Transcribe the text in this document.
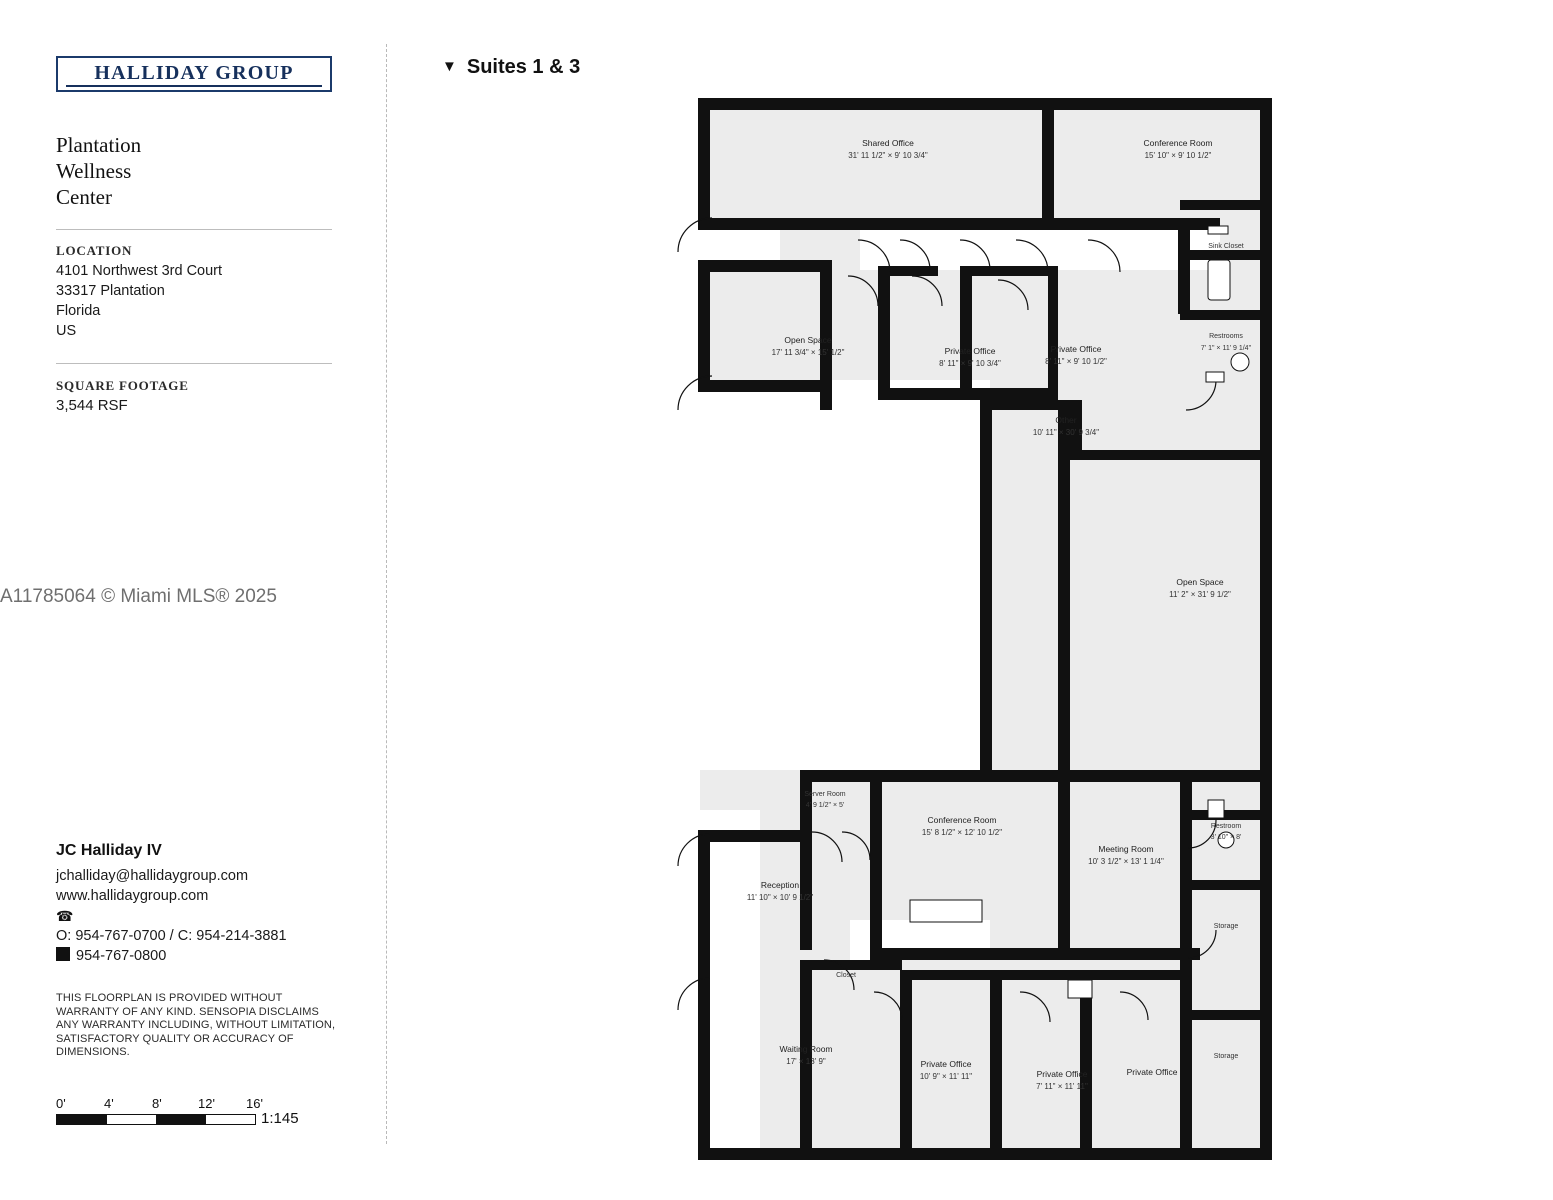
HALLIDAY GROUP
Plantation
Wellness
Center
LOCATION
4101 Northwest 3rd Court
33317 Plantation
Florida
US
SQUARE FOOTAGE
3,544 RSF
A11785064 © Miami MLS® 2025
JC Halliday IV
jchalliday@hallidaygroup.com
www.hallidaygroup.com
☎
O: 954-767-0700 / C: 954-214-3881
954-767-0800
THIS FLOORPLAN IS PROVIDED WITHOUT WARRANTY OF ANY KIND. SENSOPIA DISCLAIMS ANY WARRANTY INCLUDING, WITHOUT LIMITATION, SATISFACTORY QUALITY OR ACCURACY OF DIMENSIONS.
0'	4'	8'	12' 16'
1:145
▼ Suites 1 & 3
Shared Office
31' 11 1/2" × 9' 10 3/4"
Conference Room
15' 10" × 9' 10 1/2"
Sink Closet
Open Space
17' 11 3/4" × 15' 1/2"	Private Office
8' 11" × 9' 10 3/4"
Private Office
8' 11" × 9' 10 1/2"
Restrooms
7' 1" × 11' 9 1/4"
Other
10' 11" × 30' 9 3/4"
Open Space
11' 2" × 31' 9 1/2"
Server Room
4' 9 1/2" × 5'
Conference Room
15' 8 1/2" × 12' 10 1/2"
Meeting Room
10' 3 1/2" × 13' 1 1/4"
Restroom
3' 10" × 8'
Storage
Reception
11' 10" × 10' 9 1/2"
Closet
Storage
Waiting Room
17' × 13' 9"	Private Office
10' 9" × 11' 11"	Private Office
7' 11" × 11' 11"
Private Office
